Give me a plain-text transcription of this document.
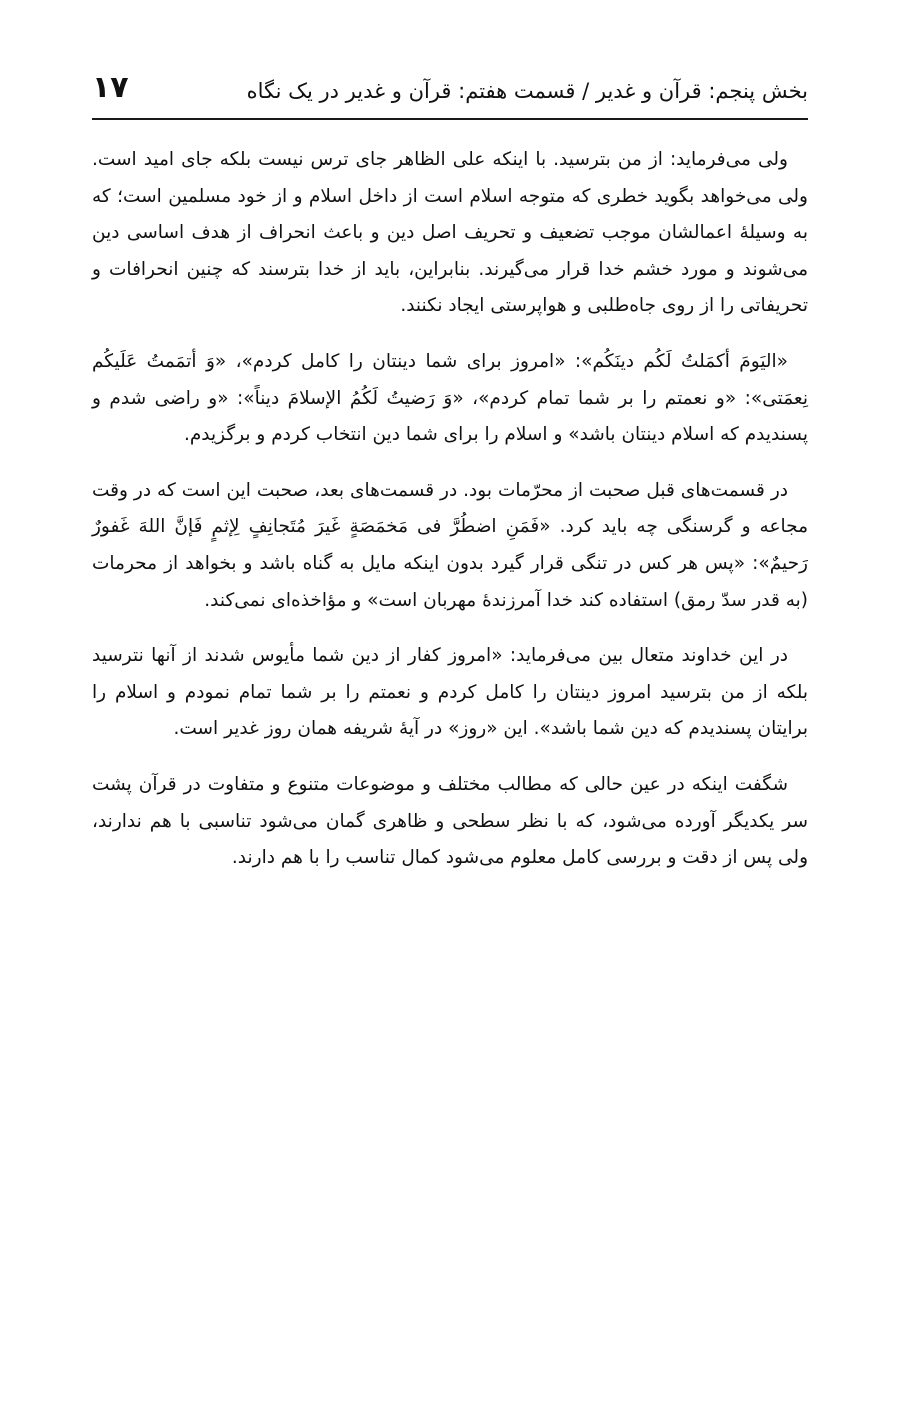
بخش پنجم: قرآن و غدیر / قسمت هفتم: قرآن و غدیر در یک نگاه
۱۷

ولی می‌فرماید: از من بترسید. با اینکه علی الظاهر جای ترس نیست بلکه جای امید است. ولی می‌خواهد بگوید خطری که متوجه اسلام است از داخل اسلام و از خود مسلمین است؛ که به وسیلهٔ اعمالشان موجب تضعیف و تحریف اصل دین و باعث انحراف از هدف اساسی دین می‌شوند و مورد خشم خدا قرار می‌گیرند. بنابراین، باید از خدا بترسند که چنین انحرافات و تحریفاتی را از روی جاه‌طلبی و هواپرستی ایجاد نکنند.

«الیَومَ أکمَلتُ لَکُم دینَکُم»: «امروز برای شما دینتان را کامل کردم»، «وَ أتمَمتُ عَلَیکُم نِعمَتی»: «و نعمتم را بر شما تمام کردم»، «وَ رَضیتُ لَکُمُ الإسلامَ دیناً»: «و راضی شدم و پسندیدم که اسلام دینتان باشد» و اسلام را برای شما دین انتخاب کردم و برگزیدم.

در قسمت‌های قبل صحبت از محرّمات بود. در قسمت‌های بعد، صحبت این است که در وقت مجاعه و گرسنگی چه باید کرد. «فَمَنِ اضطُرَّ فی مَخمَصَةٍ غَیرَ مُتَجانِفٍ لِإثمٍ فَإنَّ اللهَ غَفورٌ رَحیمٌ»: «پس هر کس در تنگی قرار گیرد بدون اینکه مایل به گناه باشد و بخواهد از محرمات (به قدر سدّ رمق) استفاده کند خدا آمرزندهٔ مهربان است» و مؤاخذه‌ای نمی‌کند.

در این خداوند متعال بین می‌فرماید: «امروز کفار از دین شما مأیوس شدند از آنها نترسید بلکه از من بترسید امروز دینتان را کامل کردم و نعمتم را بر شما تمام نمودم و اسلام را برایتان پسندیدم که دین شما باشد». این «روز» در آیهٔ شریفه همان روز غدیر است.

شگفت اینکه در عین حالی که مطالب مختلف و موضوعات متنوع و متفاوت در قرآن پشت سر یکدیگر آورده می‌شود، که با نظر سطحی و ظاهری گمان می‌شود تناسبی با هم ندارند، ولی پس از دقت و بررسی کامل معلوم می‌شود کمال تناسب را با هم دارند.
